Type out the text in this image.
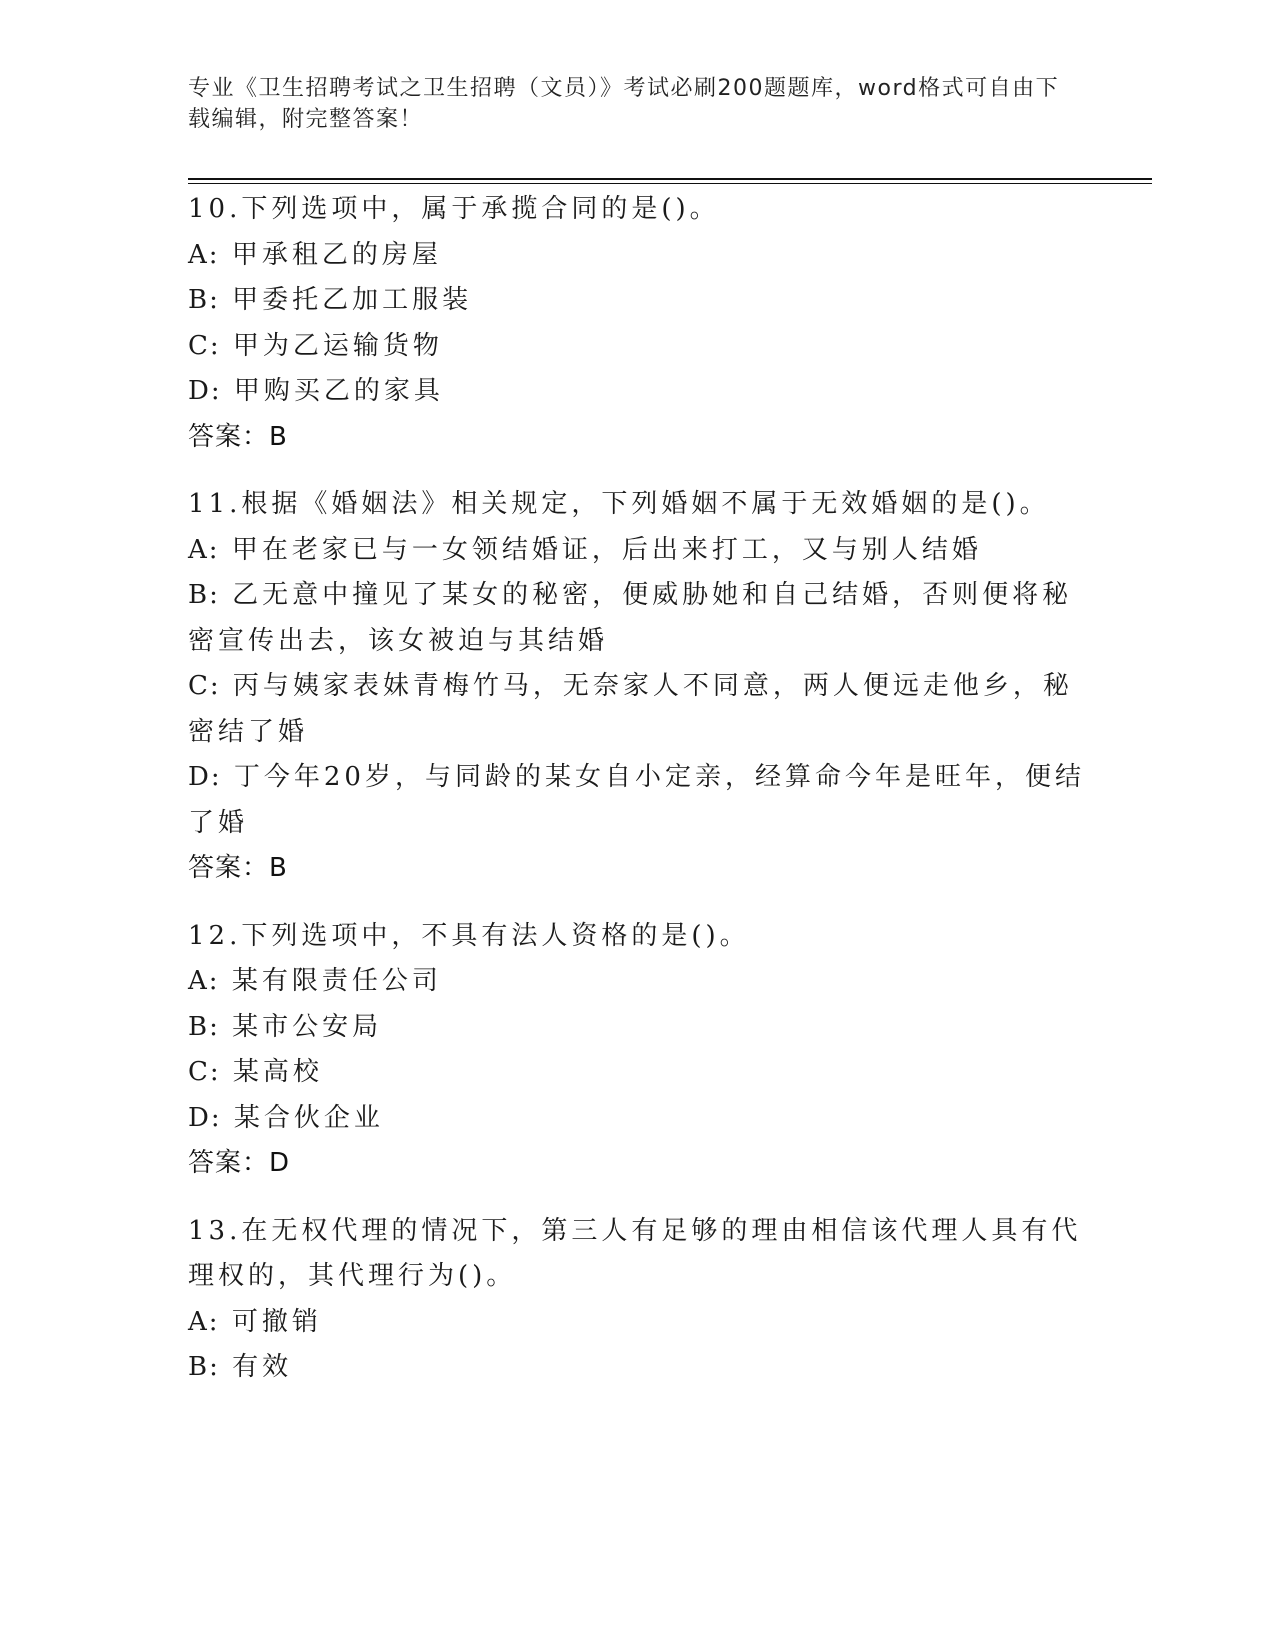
专业《卫生招聘考试之卫生招聘（文员）》考试必刷200题题库，word格式可自由下载编辑，附完整答案！

10.下列选项中，属于承揽合同的是()。

A: 甲承租乙的房屋

B: 甲委托乙加工服装

C: 甲为乙运输货物

D: 甲购买乙的家具

答案：B

11.根据《婚姻法》相关规定，下列婚姻不属于无效婚姻的是()。

A: 甲在老家已与一女领结婚证，后出来打工，又与别人结婚

B: 乙无意中撞见了某女的秘密，便威胁她和自己结婚，否则便将秘密宣传出去，该女被迫与其结婚

C: 丙与姨家表妹青梅竹马，无奈家人不同意，两人便远走他乡，秘密结了婚

D: 丁今年20岁，与同龄的某女自小定亲，经算命今年是旺年，便结了婚

答案：B

12.下列选项中，不具有法人资格的是()。

A: 某有限责任公司

B: 某市公安局

C: 某高校

D: 某合伙企业

答案：D

13.在无权代理的情况下，第三人有足够的理由相信该代理人具有代理权的，其代理行为()。

A: 可撤销

B: 有效
